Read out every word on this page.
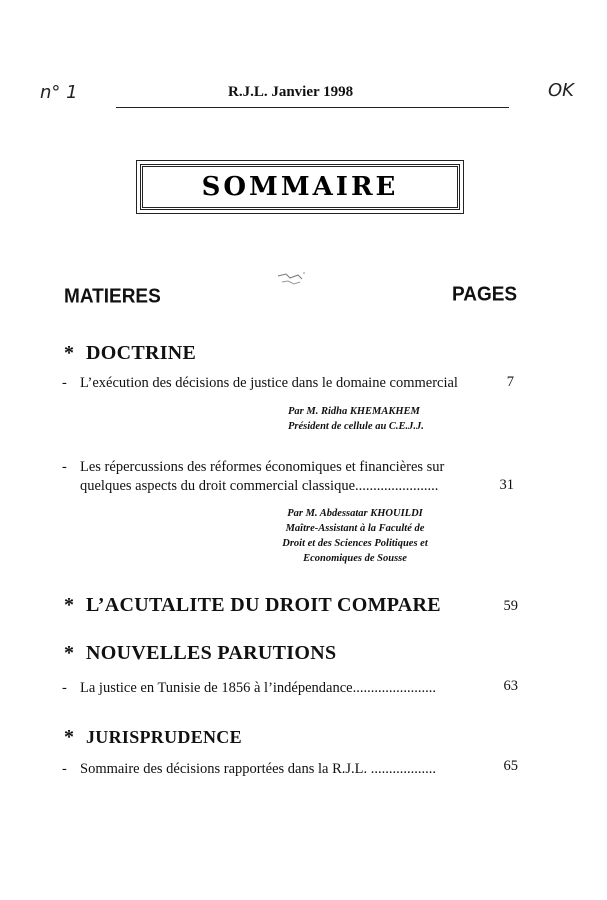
n° 1	OK
R.J.L. Janvier 1998
SOMMAIRE
MATIERES	PAGES
* DOCTRINE
- L’exécution des décisions de justice dans le domaine commercial	7
Par M. Ridha KHEMAKHEM
Président de cellule au C.E.J.J.
- Les répercussions des réformes économiques et financières sur
quelques aspects du droit commercial classique.......................	31
Par M. Abdessatar KHOUILDI
Maître-Assistant à la Faculté de
Droit et des Sciences Politiques et
Economiques de Sousse
* L’ACUTALITE DU DROIT COMPARE	59
* NOUVELLES PARUTIONS
- La justice en Tunisie de 1856 à l’indépendance.......................	63
* JURISPRUDENCE
- Sommaire des décisions rapportées dans la R.J.L. ..................	65
